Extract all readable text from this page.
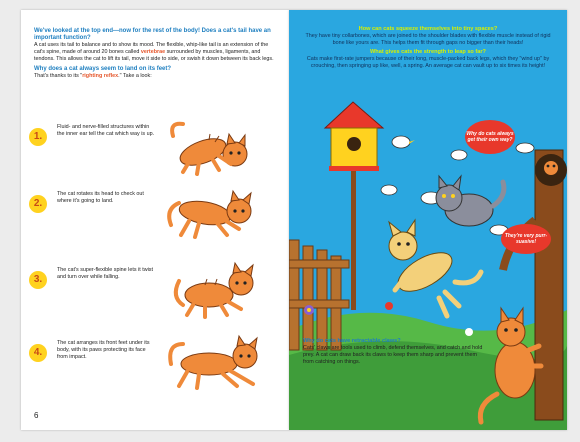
We've looked at the top end—now for the rest of the body! Does a cat's tail have an important function?

A cat uses its tail to balance and to show its mood. The flexible, whip-like tail is an extension of the cat's spine, made of around 20 bones called vertebrae surrounded by muscles, ligaments, and tendons. This allows the cat to lift its tail, move it side to side, or swish it down between its back legs.

Why does a cat always seem to land on its feet?

That's thanks to its "righting reflex." Take a look:

1.
Fluid- and nerve-filled structures within the inner ear tell the cat which way is up.
2.
The cat rotates its head to check out where it's going to land.
3.
The cat's super-flexible spine lets it twist and turn over while falling.
4.
The cat arranges its front feet under its body, with its paws protecting its face from impact.
6

How can cats squeeze themselves into tiny spaces?

They have tiny collarbones, which are joined to the shoulder blades with flexible muscle instead of rigid bone like yours are. This helps them fit through gaps no bigger than their heads!

What gives cats the strength to leap so far?

Cats make first-rate jumpers because of their long, muscle-packed back legs, which they "wind up" by crouching, then springing up like, well, a spring. An average cat can vault up to six times its height!

Why do cats always get their own way?
They're very purr-suasive!

Why do cats have retractable claws?

Cats' claws are tools used to climb, defend themselves, and catch and hold prey. A cat can draw back its claws to keep them sharp and prevent them from catching on things.
